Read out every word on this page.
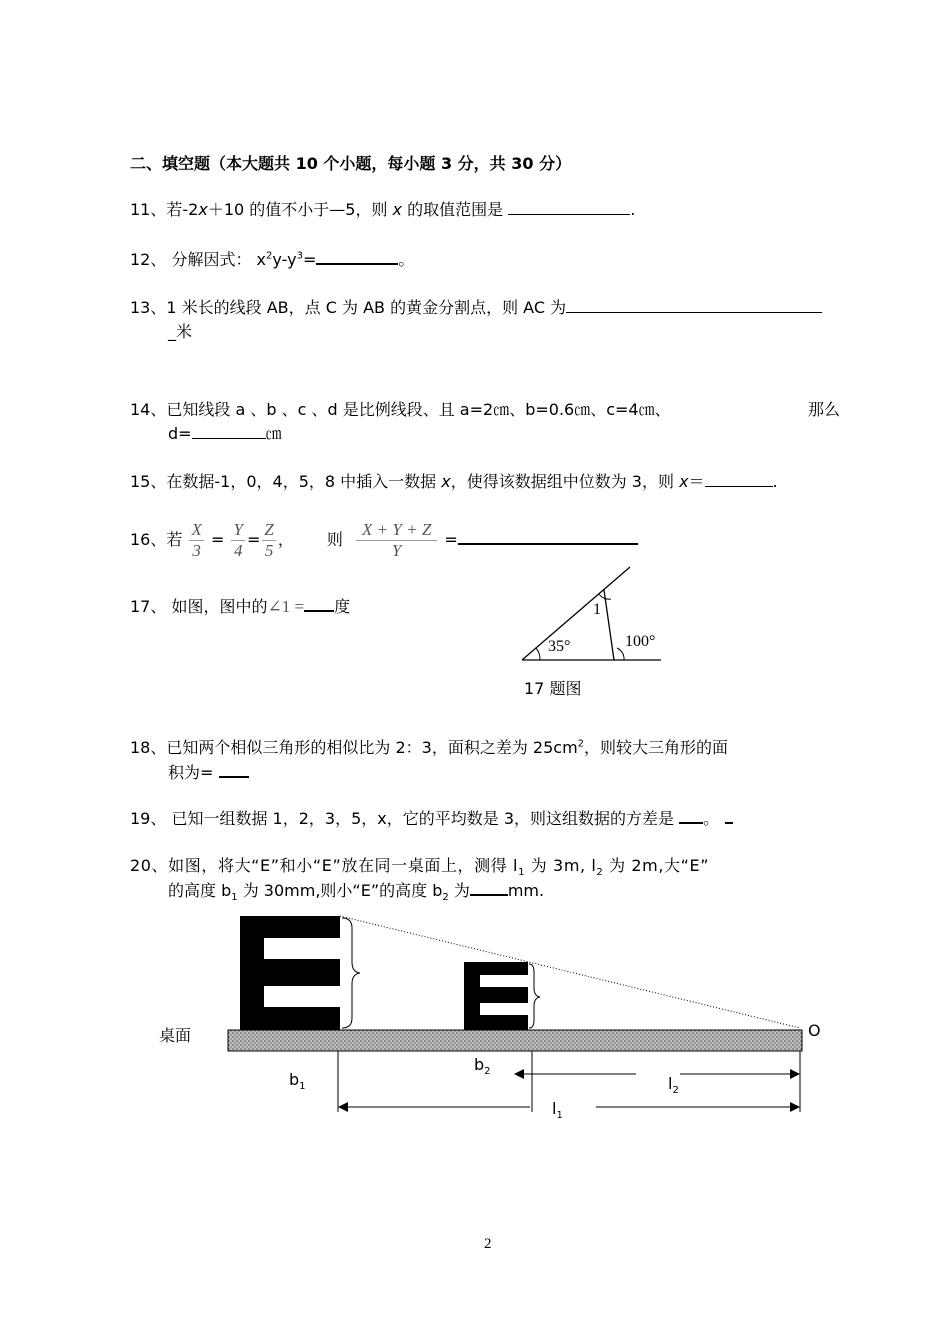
二、填空题（本大题共 10 个小题，每小题 3 分，共 30 分）
11、若-2x＋10 的值不小于—5，则 x 的取值范围是	.
12、 分解因式： $x^2y-y^3=$	。
13、1 米长的线段 AB，点 C 为 AB 的黄金分割点，则 AC 为
_米
14、已知线段 a 、b 、c 、d 是比例线段、且 a=2㎝、b=0.6㎝、c=4㎝、	那么
d=	㎝
15、在数据-1，0，4，5，8 中插入一数据 x，使得该数据组中位数为 3，则 x＝	.
16、若 $\frac{X}{3} = \frac{Y}{4} = \frac{Z}{5}$ ， 则 $\frac{X + Y + Z}{Y}$ =
17、 如图，图中的∠1 = 度	1
35°	100°
17 题图
18、已知两个相似三角形的相似比为 2：3，面积之差为 $25cm^2$，则较大三角形的面
积为=
19、 已知一组数据 1，2，3，5，x，它的平均数是 3，则这组数据的方差是 。
20、如图，将大“E”和小“E”放在同一桌面上，测得 $l_1$ 为 3m, $l_2$ 为 2m,大“E”
的高度 $b_1$ 为 30mm,则小“E”的高度 $b_2$ 为 mm.
桌面	O
$b_1$
$b_2$
$l_2$
$l_1$
2
